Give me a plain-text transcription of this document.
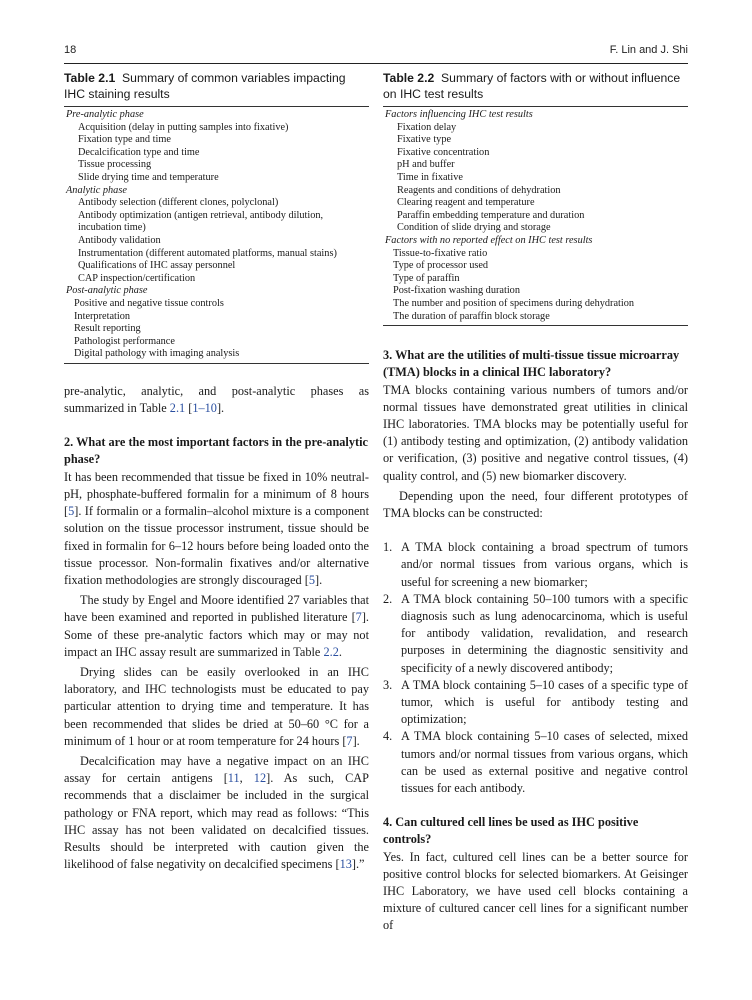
18	F. Lin and J. Shi
Table 2.1 Summary of common variables impacting IHC staining results
Pre-analytic phase
Acquisition (delay in putting samples into fixative)
Fixation type and time
Decalcification type and time
Tissue processing
Slide drying time and temperature
Analytic phase
Antibody selection (different clones, polyclonal)
Antibody optimization (antigen retrieval, antibody dilution, incubation time)
Antibody validation
Instrumentation (different automated platforms, manual stains)
Qualifications of IHC assay personnel
CAP inspection/certification
Post-analytic phase
Positive and negative tissue controls
Interpretation
Result reporting
Pathologist performance
Digital pathology with imaging analysis

pre-analytic, analytic, and post-analytic phases as summarized in Table 2.1 [1–10].

2. What are the most important factors in the pre-analytic phase?

It has been recommended that tissue be fixed in 10% neutral-pH, phosphate-buffered formalin for a minimum of 8 hours [5]. If formalin or a formalin–alcohol mixture is a component solution on the tissue processor instrument, tissue should be fixed in formalin for 6–12 hours before being loaded onto the tissue processor. Non-formalin fixatives and/or alternative fixation methodologies are strongly discouraged [5].

The study by Engel and Moore identified 27 variables that have been examined and reported in published literature [7]. Some of these pre-analytic factors which may or may not impact an IHC assay result are summarized in Table 2.2.

Drying slides can be easily overlooked in an IHC laboratory, and IHC technologists must be educated to pay particular attention to drying time and temperature. It has been recommended that slides be dried at 50–60 °C for a minimum of 1 hour or at room temperature for 24 hours [7].

Decalcification may have a negative impact on an IHC assay for certain antigens [11, 12]. As such, CAP recommends that a disclaimer be included in the surgical pathology or FNA report, which may read as follows: “This IHC assay has not been validated on decalcified tissues. Results should be interpreted with caution given the likelihood of false negativity on decalcified specimens [13].”

Table 2.2 Summary of factors with or without influence on IHC test results
Factors influencing IHC test results
Fixation delay
Fixative type
Fixative concentration
pH and buffer
Time in fixative
Reagents and conditions of dehydration
Clearing reagent and temperature
Paraffin embedding temperature and duration
Condition of slide drying and storage
Factors with no reported effect on IHC test results
Tissue-to-fixative ratio
Type of processor used
Type of paraffin
Post-fixation washing duration
The number and position of specimens during dehydration
The duration of paraffin block storage
3. What are the utilities of multi-tissue tissue microarray (TMA) blocks in a clinical IHC laboratory?

TMA blocks containing various numbers of tumors and/or normal tissues have demonstrated great utilities in clinical IHC laboratories. TMA blocks may be potentially useful for (1) antibody testing and optimization, (2) antibody validation or verification, (3) positive and negative control tissues, (4) quality control, and (5) new biomarker discovery.

Depending upon the need, four different prototypes of TMA blocks can be constructed:

1. A TMA block containing a broad spectrum of tumors and/or normal tissues from various organs, which is useful for screening a new biomarker;
2. A TMA block containing 50–100 tumors with a specific diagnosis such as lung adenocarcinoma, which is useful for antibody validation, revalidation, and research purposes in determining the diagnostic sensitivity and specificity of a newly discovered antibody;
3. A TMA block containing 5–10 cases of a specific type of tumor, which is useful for antibody testing and optimization;
4. A TMA block containing 5–10 cases of selected, mixed tumors and/or normal tissues from various organs, which can be used as external positive and negative control tissues for each antibody.
4. Can cultured cell lines be used as IHC positive controls?

Yes. In fact, cultured cell lines can be a better source for positive control blocks for selected biomarkers. At Geisinger IHC Laboratory, we have used cell blocks containing a mixture of cultured cancer cell lines for a significant number of
